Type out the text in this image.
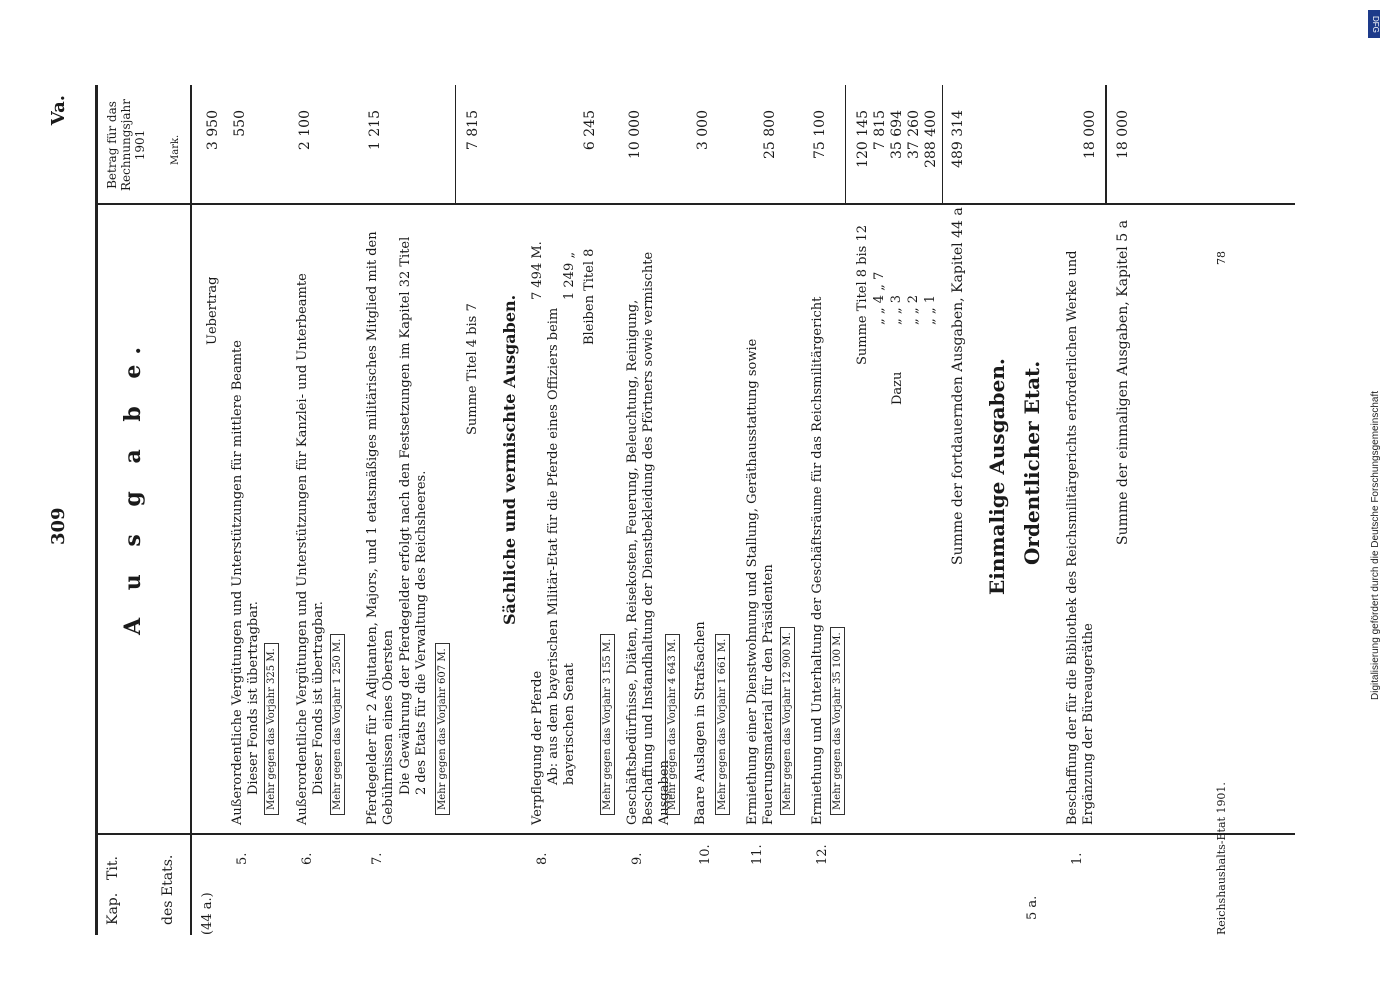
309
Va.
Kap.
Tit.	des Etats.
Betrag für das Rechnungsjahr 1901 Mark.
A u s g a b e.
(44 a.)
Uebertrag
3 950
5.
Außerordentliche Vergütungen und Unterstützungen für mittlere Beamte Dieser Fonds ist übertragbar. Mehr gegen das Vorjahr 325 M.
550
6.
Außerordentliche Vergütungen und Unterstützungen für Kanzlei- und Unterbeamte Dieser Fonds ist übertragbar. Mehr gegen das Vorjahr 1 250 M.
2 100
7.
Pferdegelder für 2 Adjutanten, Majors, und 1 etatsmäßiges militärisches Mitglied mit den Gebührnissen eines Obersten Die Gewährung der Pferdegelder erfolgt nach den Festsetzungen im Kapitel 32 Titel 2 des Etats für die Verwaltung des Reichsheeres. Mehr gegen das Vorjahr 607 M.
1 215
Summe Titel 4 bis 7
7 815
Sächliche und vermischte Ausgaben.
8.
Verpflegung der Pferde Ab: aus dem bayerischen Militär-Etat für die Pferde eines Offiziers beim bayerischen Senat
7 494 M. 1 249 „ Bleiben Titel 8
Mehr gegen das Vorjahr 3 155 M.
6 245
9.
Geschäftsbedürfnisse, Diäten, Reisekosten, Feuerung, Beleuchtung, Reinigung, Beschaffung und Instandhaltung der Dienstbekleidung des Pförtners sowie vermischte Ausgaben
Mehr gegen das Vorjahr 4 643 M.
10 000
10.
Baare Auslagen in Strafsachen Mehr gegen das Vorjahr 1 661 M.
3 000
11.
Ermiethung einer Dienstwohnung und Stallung, Geräthausstattung sowie Feuerungsmaterial für den Präsidenten Mehr gegen das Vorjahr 12 900 M.
25 800
12.
Ermiethung und Unterhaltung der Geschäftsräume für das Reichsmilitärgericht Mehr gegen das Vorjahr 35 100 M.
75 100
Summe Titel 8 bis 12
120 145
Dazu
„ „ 4 „ 7
7 815
„ „ 3
35 694
„ „ 2
37 260
„ „ 1
288 400
Summe der fortdauernden Ausgaben, Kapitel 44 a
489 314
5 a.
Einmalige Ausgaben. Ordentlicher Etat.
1.
Beschaffung der für die Bibliothek des Reichsmilitärgerichts erforderlichen Werke und Ergänzung der Büreaugeräthe
18 000
Summe der einmaligen Ausgaben, Kapitel 5 a
18 000
Reichshaushalts-Etat 1901.
78
DFG
Digitalisierung gefördert durch die Deutsche Forschungsgemeinschaft
